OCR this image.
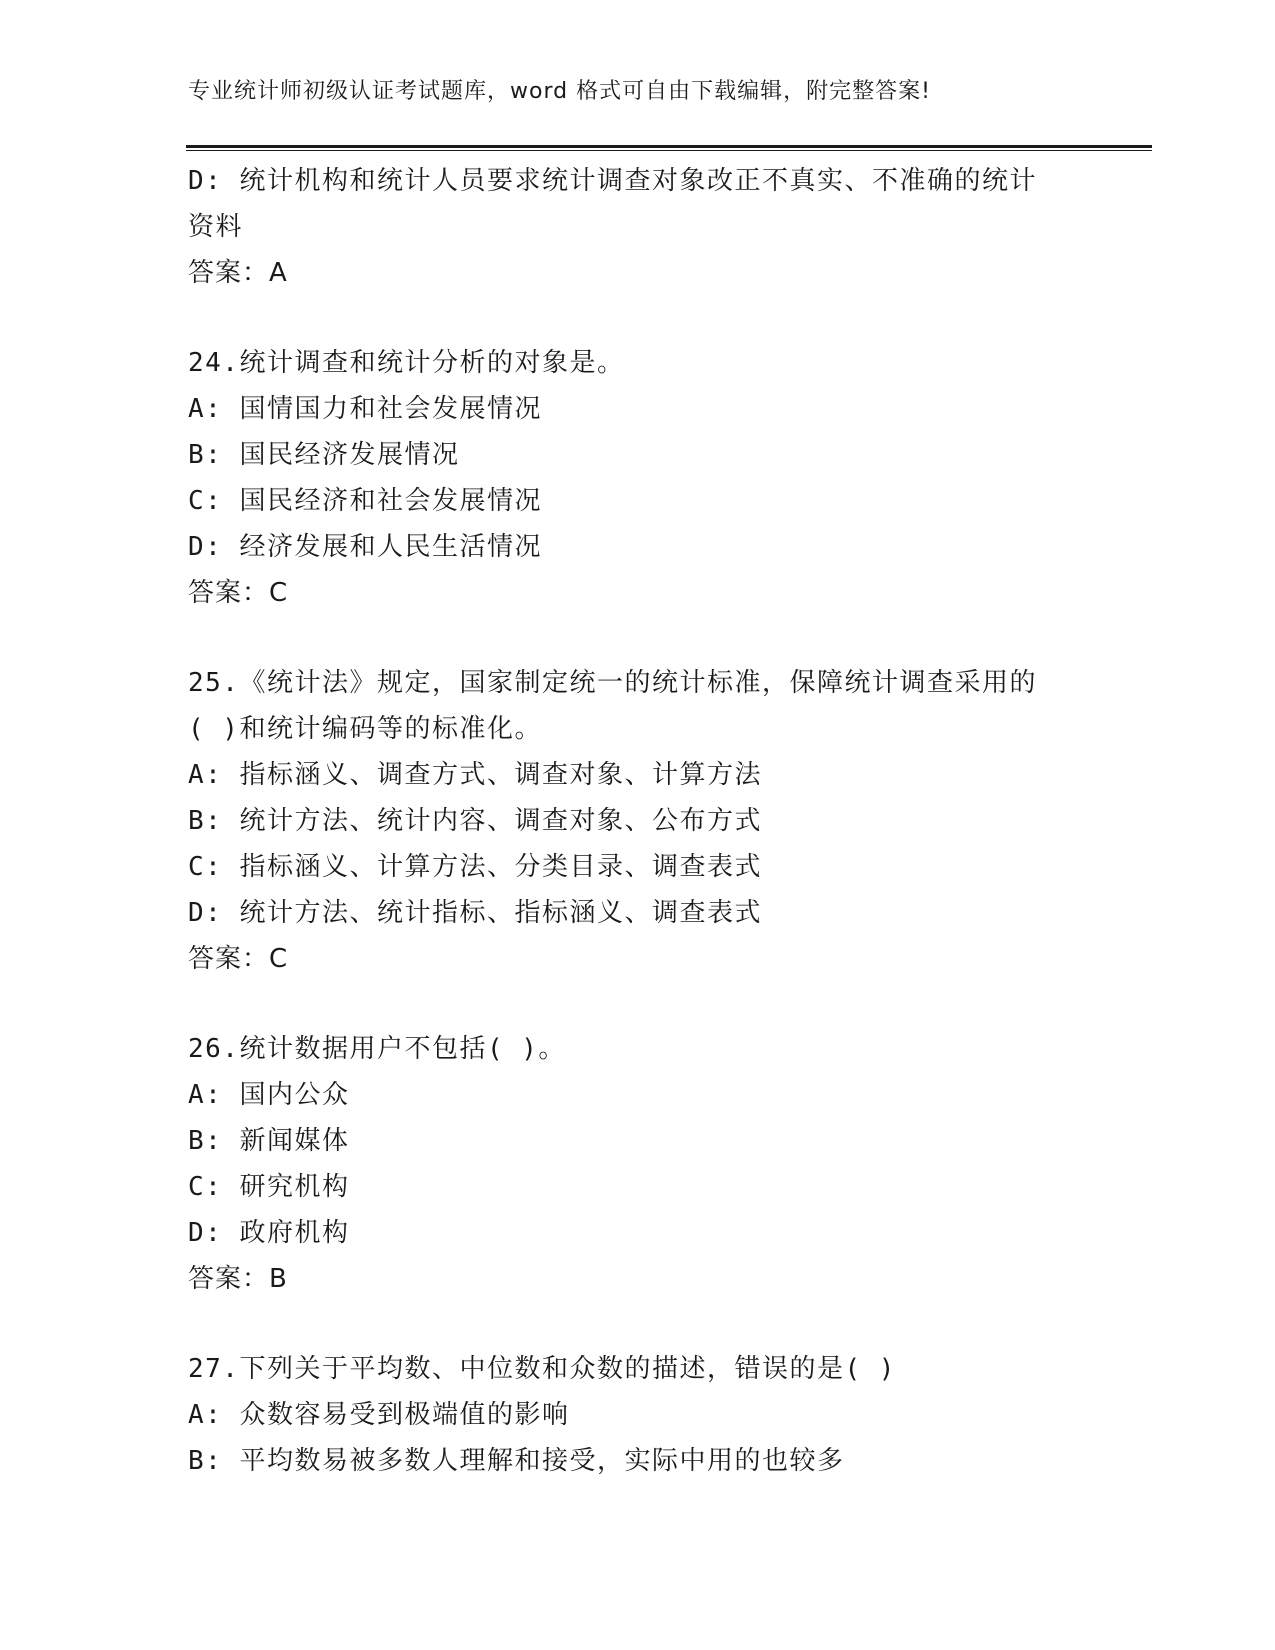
专业统计师初级认证考试题库，word 格式可自由下载编辑，附完整答案!
D: 统计机构和统计人员要求统计调查对象改正不真实、不准确的统计
资料
答案：A
24.统计调查和统计分析的对象是。
A: 国情国力和社会发展情况
B: 国民经济发展情况
C: 国民经济和社会发展情况
D: 经济发展和人民生活情况
答案：C
25.《统计法》规定，国家制定统一的统计标准，保障统计调查采用的
( )和统计编码等的标准化。
A: 指标涵义、调查方式、调查对象、计算方法
B: 统计方法、统计内容、调查对象、公布方式
C: 指标涵义、计算方法、分类目录、调查表式
D: 统计方法、统计指标、指标涵义、调查表式
答案：C
26.统计数据用户不包括( )。
A: 国内公众
B: 新闻媒体
C: 研究机构
D: 政府机构
答案：B
27.下列关于平均数、中位数和众数的描述，错误的是( )
A: 众数容易受到极端值的影响
B: 平均数易被多数人理解和接受，实际中用的也较多
